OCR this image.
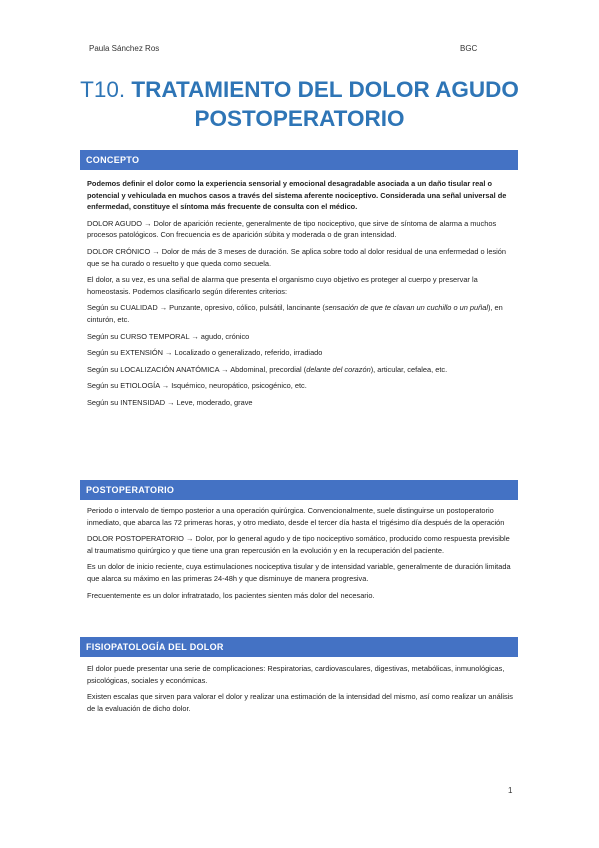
Paula Sánchez Ros	BGC
T10. TRATAMIENTO DEL DOLOR AGUDO
POSTOPERATORIO
CONCEPTO

Podemos definir el dolor como la experiencia sensorial y emocional desagradable asociada a un daño tisular real o potencial y vehiculada en muchos casos a través del sistema aferente nociceptivo. Considerada una señal universal de enfermedad, constituye el síntoma más frecuente de consulta con el médico.

DOLOR AGUDO → Dolor de aparición reciente, generalmente de tipo nociceptivo, que sirve de síntoma de alarma a muchos procesos patológicos. Con frecuencia es de aparición súbita y moderada o de gran intensidad.

DOLOR CRÓNICO → Dolor de más de 3 meses de duración. Se aplica sobre todo al dolor residual de una enfermedad o lesión que se ha curado o resuelto y que queda como secuela.

El dolor, a su vez, es una señal de alarma que presenta el organismo cuyo objetivo es proteger al cuerpo y preservar la homeostasis. Podemos clasificarlo según diferentes criterios:

Según su CUALIDAD → Punzante, opresivo, cólico, pulsátil, lancinante (sensación de que te clavan un cuchillo o un puñal), en cinturón, etc.

Según su CURSO TEMPORAL → agudo, crónico

Según su EXTENSIÓN → Localizado o generalizado, referido, irradiado

Según su LOCALIZACIÓN ANATÓMICA → Abdominal, precordial (delante del corazón), articular, cefalea, etc.

Según su ETIOLOGÍA → Isquémico, neuropático, psicogénico, etc.

Según su INTENSIDAD → Leve, moderado, grave

POSTOPERATORIO

Periodo o intervalo de tiempo posterior a una operación quirúrgica. Convencionalmente, suele distinguirse un postoperatorio inmediato, que abarca las 72 primeras horas, y otro mediato, desde el tercer día hasta el trigésimo día después de la operación

DOLOR POSTOPERATORIO → Dolor, por lo general agudo y de tipo nociceptivo somático, producido como respuesta previsible al traumatismo quirúrgico y que tiene una gran repercusión en la evolución y en la recuperación del paciente.

Es un dolor de inicio reciente, cuya estimulaciones nociceptiva tisular y de intensidad variable, generalmente de duración limitada que alarca su máximo en las primeras 24-48h y que disminuye de manera progresiva.

Frecuentemente es un dolor infratratado, los pacientes sienten más dolor del necesario.

FISIOPATOLOGÍA DEL DOLOR

El dolor puede presentar una serie de complicaciones: Respiratorias, cardiovasculares, digestivas, metabólicas, inmunológicas, psicológicas, sociales y económicas.

Existen escalas que sirven para valorar el dolor y realizar una estimación de la intensidad del mismo, así como realizar un análisis de la evaluación de dicho dolor.

1
